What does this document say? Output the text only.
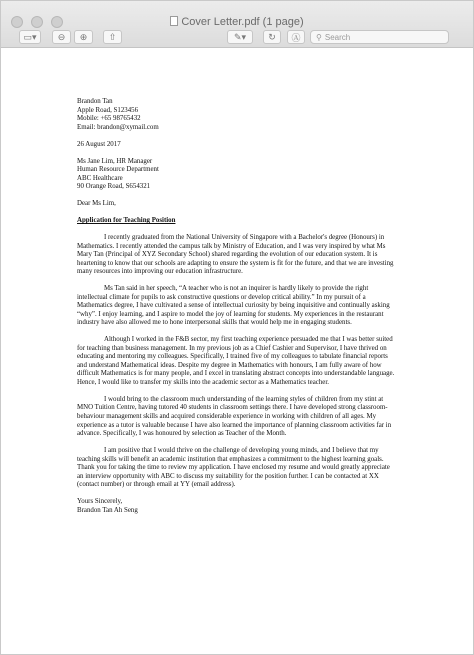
Cover Letter.pdf (1 page)
▭▾ ⊖ ⊕ ⇧	✎▾ ↻ Ⓐ ⚲ Search

Brandon Tan

Apple Road, S123456

Mobile: +65 98765432

Email: brandon@xymail.com

26 August 2017

Ms Jane Lim, HR Manager

Human Resource Department

ABC Healthcare

90 Orange Road, S654321

Dear Ms Lim,

Application for Teaching Position

I recently graduated from the National University of Singapore with a Bachelor's degree (Honours) in Mathematics. I recently attended the campus talk by Ministry of Education, and I was very inspired by what Ms Mary Tan (Principal of XYZ Secondary School) shared regarding the evolution of our education system. It is heartening to know that our schools are adapting to ensure the system is fit for the future, and that we are investing many resources into improving our education infrastructure.

Ms Tan said in her speech, “A teacher who is not an inquirer is hardly likely to provide the right intellectual climate for pupils to ask constructive questions or develop critical ability.” In my pursuit of a Mathematics degree, I have cultivated a sense of intellectual curiosity by being inquisitive and continually asking “why”. I enjoy learning, and I aspire to model the joy of learning for students. My experiences in the restaurant industry have also allowed me to hone interpersonal skills that would help me in engaging students.

Although I worked in the F&B sector, my first teaching experience persuaded me that I was better suited for teaching than business management. In my previous job as a Chief Cashier and Supervisor, I have thrived on educating and mentoring my colleagues. Specifically, I trained five of my colleagues to tabulate financial reports and understand Mathematical ideas. Despite my degree in Mathematics with honours, I am fully aware of how difficult Mathematics is for many people, and I excel in translating abstract concepts into understandable language. Hence, I would like to transfer my skills into the academic sector as a Mathematics teacher.

I would bring to the classroom much understanding of the learning styles of children from my stint at MNO Tuition Centre, having tutored 40 students in classroom settings there. I have developed strong classroom-behaviour management skills and acquired considerable experience in working with children of all ages. My experience as a tutor is valuable because I have also learned the importance of planning classroom activities far in advance. Specifically, I was honoured by selection as Teacher of the Month.

I am positive that I would thrive on the challenge of developing young minds, and I believe that my teaching skills will benefit an academic institution that emphasizes a commitment to the highest learning goals. Thank you for taking the time to review my application. I have enclosed my resume and would greatly appreciate an interview opportunity with ABC to discuss my suitability for the position further. I can be contacted at XX (contact number) or through email at YY (email address).

Yours Sincerely,

Brandon Tan Ah Seng
